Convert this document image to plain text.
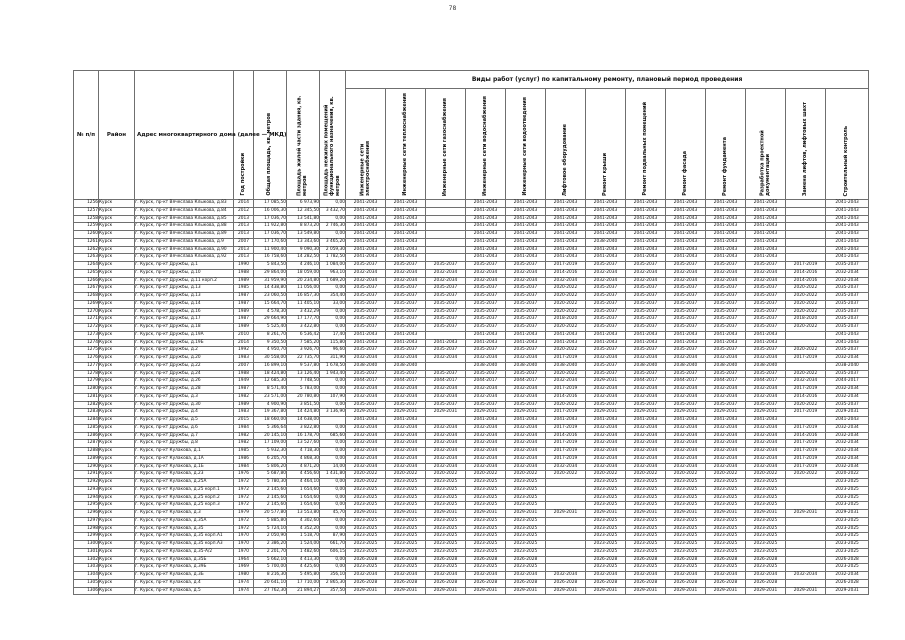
78
№ п/п	Район	Адрес многоквартирного дома (далее — МКД)	Год постройки	Общая площадь, кв. метров	Площадь жилой части здания, кв. метров	Площадь нежилых помещений функционального назначения, кв. метров	Виды работ (услуг) по капитальному ремонту, плановый период проведения												

							Инженерные сети электроснабжения	Инженерные сети теплоснабжения	Инженерные сети газоснабжения	Инженерные сети водоснабжения	Инженерные сети водоотведения	Лифтовое оборудование	Ремонт крыши	Ремонт подвальных помещений	Ремонт фасада	Ремонт фундамента	Разработка проектной документации	Замена лифтов, лифтовых шахт	Строительный контроль

1256	Курск	г. Курск, пр-кт Вячеслава Клыкова, д.83	2014	17 085,50	6 973,90	0,00	2041-2043	2041-2043		2041-2043	2041-2043	2041-2043	2041-2043	2041-2043	2041-2043	2041-2043	2041-2043		2041-2043
1257	Курск	г. Курск, пр-кт Вячеслава Клыкова, д.84	2012	16 006,30	12 345,50	3 432,70	2041-2043	2041-2043		2041-2043	2041-2043	2041-2043	2041-2043	2041-2043	2041-2043	2041-2043	2041-2043		2041-2043
1258	Курск	г. Курск, пр-кт Вячеслава Клыкова, д.85	2013	17 036,70	13 541,80	0,00	2041-2043	2041-2043		2041-2043	2041-2043	2041-2043	2041-2043	2041-2043	2041-2043	2041-2043	2041-2043		2041-2043
1259	Курск	г. Курск, пр-кт Вячеслава Клыкова, д.88	2013	11 922,80	8 873,20	2 746,30	2041-2043	2041-2043		2041-2043	2041-2043	2041-2043	2041-2043	2041-2043	2041-2043	2041-2043	2041-2043		2041-2043
1260	Курск	г. Курск, пр-кт Вячеслава Клыкова, д.89	2013	17 036,70	13 549,80	0,00	2041-2043	2041-2043		2041-2043	2041-2043	2041-2043	2041-2043	2041-2043	2041-2043	2041-2043	2041-2043		2041-2043
1261	Курск	г. Курск, пр-кт Вячеслава Клыкова, д.9	2007	17 170,60	13 343,60	3 465,20	2041-2043	2041-2043		2041-2043	2041-2043	2041-2043	2038-2040	2041-2043	2041-2043	2041-2043	2041-2043		2041-2043
1262	Курск	г. Курск, пр-кт Вячеслава Клыкова, д.90	2013	11 900,40	9 090,30	2 059,30	2041-2043	2041-2043		2041-2043	2041-2043	2041-2043	2041-2043	2041-2043	2041-2043	2041-2043	2041-2043		2041-2043
1263	Курск	г. Курск, пр-кт Вячеслава Клыкова, д.92	2013	16 758,60	14 282,50	1 782,50	2041-2043	2041-2043		2041-2043	2041-2043	2041-2043	2041-2043	2041-2043	2041-2043	2041-2043	2041-2043		2041-2043
1264	Курск	г. Курск, пр-кт Дружбы, д.1	1990	5 843,50	4 246,10	1 084,00	2035-2037	2035-2037	2035-2037	2035-2037	2035-2037	2017-2019	2035-2037	2035-2037	2035-2037	2035-2037	2035-2037	2017-2019	2035-2037
1265	Курск	г. Курск, пр-кт Дружбы, д.10	1988	29 864,00	18 059,00	963,10	2032-2034	2032-2034	2032-2034	2032-2034	2032-2034	2014-2016	2032-2034	2032-2034	2032-2034	2032-2034	2032-2034	2014-2016	2032-2034
1266	Курск	г. Курск, пр-кт Дружбы, д.11 корп.2	1989	31 959,90	20 234,80	1 689,20	2032-2034	2032-2034	2032-2034	2032-2034	2032-2034	2032-2034	2032-2034	2032-2034	2032-2034	2032-2034	2032-2034	2014-2016	2032-2034
1267	Курск	г. Курск, пр-кт Дружбы, д.13	1985	14 438,80	11 056,00	0,00	2035-2037	2035-2037	2035-2037	2035-2037	2035-2037	2020-2022	2035-2037	2035-2037	2035-2037	2035-2037	2035-2037	2020-2022	2035-2037
1268	Курск	г. Курск, пр-кт Дружбы, д.13	1987	23 060,50	16 857,30	354,40	2035-2037	2035-2037	2035-2037	2035-2037	2035-2037	2020-2022	2035-2037	2035-2037	2035-2037	2035-2037	2035-2037	2020-2022	2035-2037
1269	Курск	г. Курск, пр-кт Дружбы, д.14	1987	15 664,70	11 405,10	33,00	2035-2037	2035-2037	2035-2037	2035-2037	2035-2037	2020-2022	2035-2037	2035-2037	2035-2037	2035-2037	2035-2037	2020-2022	2035-2037
1270	Курск	г. Курск, пр-кт Дружбы, д.16	1989	4 578,30	3 432,29	0,00	2035-2037	2035-2037	2035-2037	2035-2037	2035-2037	2020-2022	2035-2037	2035-2037	2035-2037	2035-2037	2035-2037	2020-2022	2035-2037
1271	Курск	г. Курск, пр-кт Дружбы, д.17	1987	29 664,90	17 177,70	0,00	2035-2037	2035-2037	2035-2037	2035-2037	2035-2037	2018-2020	2035-2037	2035-2037	2035-2037	2035-2037	2035-2037	2018-2020	2035-2037
1272	Курск	г. Курск, пр-кт Дружбы, д.18	1989	5 525,40	3 422,80	0,00	2035-2037	2035-2037	2035-2037	2035-2037	2035-2037	2020-2022	2035-2037	2035-2037	2035-2037	2035-2037	2035-2037	2020-2022	2035-2037
1273	Курск	г. Курск, пр-кт Дружбы, д.19А	2010	8 261,70	6 536,42	17,40	2041-2043	2041-2043		2041-2043	2041-2043	2041-2043	2041-2043	2041-2043	2041-2043	2041-2043	2041-2043		2041-2043
1274	Курск	г. Курск, пр-кт Дружбы, д.19Б	2014	9 350,50	7 585,20	115,80	2041-2043	2041-2043	2041-2043	2041-2043	2041-2043	2041-2043	2041-2043	2041-2043	2041-2043	2041-2043	2041-2043		2041-2043
1275	Курск	г. Курск, пр-кт Дружбы, д.2	1992	4 950,70	3 926,70	96,60	2035-2037	2035-2037	2035-2037	2035-2037	2035-2037	2020-2022	2035-2037	2035-2037	2035-2037	2035-2037	2035-2037	2020-2022	2035-2037
1276	Курск	г. Курск, пр-кт Дружбы, д.20	1983	30 558,00	22 735,70	311,90	2032-2034	2032-2034	2032-2034	2032-2034	2032-2034	2017-2019	2032-2034	2032-2034	2032-2034	2032-2034	2032-2034	2017-2019	2032-2034
1277	Курск	г. Курск, пр-кт Дружбы, д.22	2007	16 899,10	9 537,80	1 678,50	2038-2040	2038-2040		2038-2040	2038-2040	2038-2040	2035-2037	2038-2040	2038-2040	2038-2040	2038-2040		2038-2040
1278	Курск	г. Курск, пр-кт Дружбы, д.24	1988	18 424,80	13 126,40	1 943,40	2035-2037	2035-2037	2035-2037	2035-2037	2035-2037	2020-2022	2035-2037	2035-2037	2035-2037	2035-2037	2035-2037	2020-2022	2035-2037
1279	Курск	г. Курск, пр-кт Дружбы, д.26	1949	12 685,30	7 748,50	0,00	2044-2017	2044-2017	2044-2017	2044-2017	2044-2017	2032-2034	2029-2031	2044-2017	2044-2017	2044-2017	2044-2017	2032-2034	2044-2017
1280	Курск	г. Курск, пр-кт Дружбы, д.28	1987	8 571,40	5 783,00	0,00	2032-2034	2032-2034	2032-2034	2032-2034	2032-2034	2017-2019	2032-2034	2032-2034	2032-2034	2032-2034	2032-2034	2017-2019	2032-2034
1281	Курск	г. Курск, пр-кт Дружбы, д.3	1982	23 571,00	20 780,80	107,90	2032-2034	2032-2034	2032-2034	2032-2034	2032-2034	2014-2016	2032-2034	2032-2034	2032-2034	2032-2034	2032-2034	2014-2016	2032-2034
1282	Курск	г. Курск, пр-кт Дружбы, д.30	1989	4 900,90	3 851,50	0,00	2035-2037	2035-2037	2035-2037	2035-2037	2035-2037	2020-2022	2035-2037	2035-2037	2035-2037	2035-2037	2035-2037	2020-2022	2035-2037
1283	Курск	г. Курск, пр-кт Дружбы, д.4	1983	19 367,80	14 424,80	3 136,90	2029-2031	2029-2031	2029-2031	2029-2031	2029-2031	2017-2019	2029-2031	2029-2031	2029-2031	2029-2031	2029-2031	2017-2019	2029-2031
1284	Курск	г. Курск, пр-кт Дружбы, д.5	2015	18 660,00	14 638,00		2041-2043	2041-2043		2041-2043	2041-2043	2041-2043	2041-2043	2041-2043	2041-2043	2041-2043	2041-2043		2041-2043
1285	Курск	г. Курск, пр-кт Дружбы, д.6	1984	5 366,64	3 822,80	0,00	2032-2034	2032-2034	2032-2034	2032-2034	2032-2034	2017-2019	2032-2034	2032-2034	2032-2034	2032-2034	2032-2034	2017-2019	2032-2034
1286	Курск	г. Курск, пр-кт Дружбы, д.7	1982	20 145,10	16 178,70	685,60	2032-2034	2032-2034	2032-2034	2032-2034	2032-2034	2014-2016	2032-2034	2032-2034	2032-2034	2032-2034	2032-2034	2014-2016	2032-2034
1287	Курск	г. Курск, пр-кт Дружбы, д.8	1982	17 109,00	13 527,60	0,00	2032-2034	2032-2034	2032-2034	2032-2034	2032-2034	2017-2019	2032-2034	2032-2034	2032-2034	2032-2034	2032-2034	2017-2019	2032-2034
1288	Курск	г. Курск, пр-кт Кулакова, д.1	1985	5 932,30	4 718,30	0,00	2032-2034	2032-2034	2032-2034	2032-2034	2032-2034	2017-2019	2032-2034	2032-2034	2032-2034	2032-2034	2032-2034	2017-2019	2032-2034
1289	Курск	г. Курск, пр-кт Кулакова, д.1А	1986	6 205,70	4 868,30	0,00	2032-2034	2032-2034	2032-2034	2032-2034	2032-2034	2017-2019	2032-2034	2032-2034	2032-2034	2032-2034	2032-2034	2017-2019	2032-2034
1290	Курск	г. Курск, пр-кт Кулакова, д.1Б	1984	5 806,20	4 871,20	14,00	2032-2034	2032-2034	2032-2034	2032-2034	2032-2034	2032-2034	2032-2034	2032-2034	2032-2034	2032-2034	2032-2034	2017-2019	2032-2034
1291	Курск	г. Курск, пр-кт Кулакова, д.23	1976	5 687,80	4 456,60	1 431,80	2020-2022	2020-2022	2020-2022	2020-2022	2020-2022	2020-2022	2020-2022	2020-2022	2020-2022	2020-2022	2020-2022	2020-2022	2020-2022
1292	Курск	г. Курск, пр-кт Кулакова, д.25А	1972	5 780,30	4 464,10	0,00	2020-2022	2023-2025	2023-2025	2023-2025	2023-2025		2023-2025	2023-2025	2023-2025	2023-2025	2023-2025		2023-2025
1293	Курск	г. Курск, пр-кт Кулакова, д.25 корп.1	1972	2 145,60	1 654,60	0,00	2023-2025	2023-2025	2023-2025	2023-2025	2023-2025		2023-2025	2023-2025	2023-2025	2023-2025	2023-2025		2023-2025
1294	Курск	г. Курск, пр-кт Кулакова, д.25 корп.2	1972	2 145,60	1 654,60	0,00	2023-2025	2023-2025	2023-2025	2023-2025	2023-2025		2023-2025	2023-2025	2023-2025	2023-2025	2023-2025		2023-2025
1295	Курск	г. Курск, пр-кт Кулакова, д.25 корп.3	1972	2 145,60	1 654,60	0,00	2023-2025	2023-2025	2023-2025	2023-2025	2023-2025		2023-2025	2023-2025	2023-2025	2023-2025	2023-2025		2023-2025
1296	Курск	г. Курск, пр-кт Кулакова, д.3	1979	20 577,80	13 553,80	45,70	2029-2031	2029-2031	2029-2031	2029-2031	2029-2031	2029-2031	2029-2031	2029-2031	2029-2031	2029-2031	2029-2031	2029-2031	2029-2031
1297	Курск	г. Курск, пр-кт Кулакова, д.35А	1972	5 885,80	4 302,60	0,00	2023-2025	2023-2025	2023-2025	2023-2025	2023-2025		2023-2025	2023-2025	2023-2025	2023-2025	2023-2025		2023-2025
1298	Курск	г. Курск, пр-кт Кулакова, д.35	1972	5 724,10	4 352,20	0,00	2023-2025	2023-2025	2023-2025	2023-2025	2023-2025		2023-2025	2023-2025	2023-2025	2023-2025	2023-2025		2023-2025
1299	Курск	г. Курск, пр-кт Кулакова, д.35 корп.А1	1970	2 050,90	1 518,70	87,90	2023-2025	2023-2025	2023-2025	2023-2025	2023-2025		2023-2025	2023-2025	2023-2025	2023-2025	2023-2025		2023-2025
1300	Курск	г. Курск, пр-кт Кулакова, д.35 корп.А3	1970	2 386,20	1 524,00	661,70	2023-2025	2023-2025	2023-2025	2023-2025	2023-2025		2023-2025	2023-2025	2023-2025	2023-2025	2023-2025		2023-2025
1301	Курск	г. Курск, пр-кт Кулакова, д.35-А/2	1970	2 201,70	1 482,60	606,15	2023-2025	2023-2025	2023-2025	2023-2025	2023-2025		2023-2025	2023-2025	2023-2025	2023-2025	2023-2025		2023-2025
1302	Курск	г. Курск, пр-кт Кулакова, д.35Б	1964	5 662,10	4 413,30	0,00	2026-2028	2026-2028	2026-2028	2026-2028	2026-2028		2026-2028	2026-2028	2026-2028	2026-2028	2026-2028		2026-2028
1303	Курск	г. Курск, пр-кт Кулакова, д.39Б	1969	5 700,00	4 425,60	0,00	2023-2025	2023-2025	2023-2025	2023-2025	2023-2025		2023-2025	2023-2025	2023-2025	2023-2025	2023-2025		2023-2025
1304	Курск	г. Курск, пр-кт Кулакова, д.3Б	1980	8 216,30	5 495,80	356,10	2032-2034	2032-2034	2032-2034	2032-2034	2032-2034	2032-2034	2032-2034	2032-2034	2032-2034	2032-2034	2032-2034	2032-2034	2032-2034
1305	Курск	г. Курск, пр-кт Кулакова, д.4	1974	20 641,10	17 710,00	2 865,30	2026-2028	2026-2028	2026-2028	2026-2028	2026-2028	2026-2028	2026-2028	2026-2028	2026-2028	2026-2028	2026-2028		2026-2028
1306	Курск	г. Курск, пр-кт Кулакова, д.5	1974	27 762,30	21 894,27	357,50	2029-2031	2029-2031	2029-2031	2029-2031	2029-2031	2029-2031	2029-2031	2029-2031	2029-2031	2029-2031	2029-2031	2029-2031	2029-2031
